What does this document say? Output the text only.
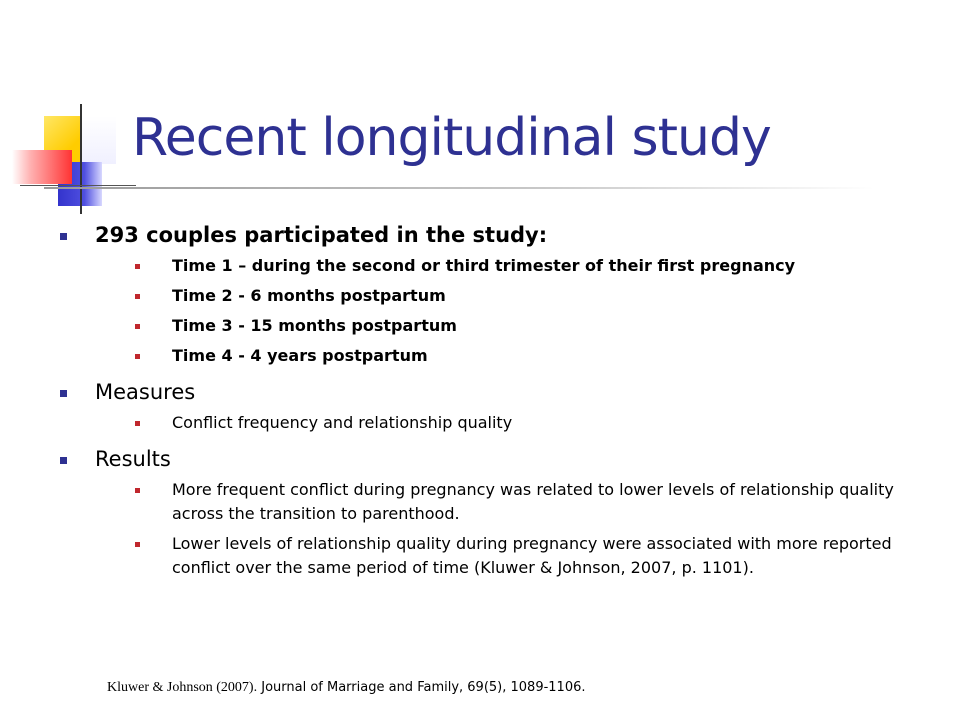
Recent longitudinal study
293 couples participated in the study:
Time 1 – during the second or third trimester of their first pregnancy
Time 2 - 6 months postpartum
Time 3 - 15 months postpartum
Time 4 - 4 years postpartum
Measures
Conflict frequency and relationship quality
Results
More frequent conflict during pregnancy was related to lower levels of relationship quality across the transition to parenthood.
Lower levels of relationship quality during pregnancy were associated with more reported conflict over the same period of time (Kluwer & Johnson, 2007, p. 1101).
Kluwer & Johnson (2007). Journal of Marriage and Family, 69(5), 1089-1106.
